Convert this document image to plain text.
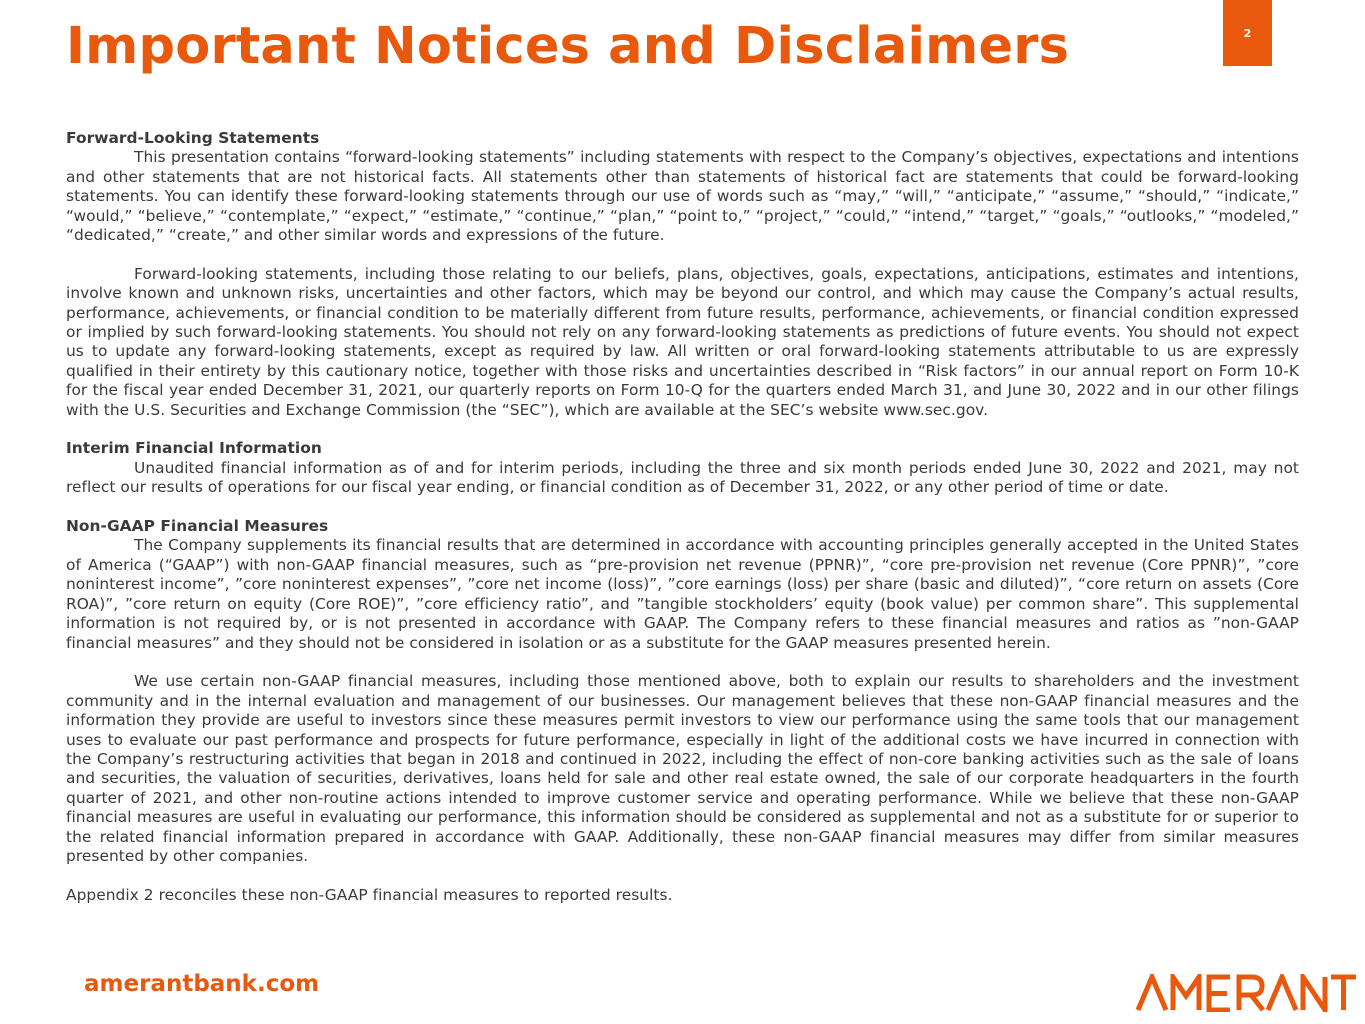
Important Notices and Disclaimers	2
Forward-Looking Statements

This presentation contains “forward-looking statements” including statements with respect to the Company’s objectives, expectations and intentions and other statements that are not historical facts. All statements other than statements of historical fact are statements that could be forward-looking statements. You can identify these forward-looking statements through our use of words such as “may,” “will,” “anticipate,” “assume,” “should,” “indicate,” “would,” “believe,” “contemplate,” “expect,” “estimate,” “continue,” “plan,” “point to,” “project,” “could,” “intend,” “target,” “goals,” “outlooks,” “modeled,” “dedicated,” “create,” and other similar words and expressions of the future.

Forward-looking statements, including those relating to our beliefs, plans, objectives, goals, expectations, anticipations, estimates and intentions, involve known and unknown risks, uncertainties and other factors, which may be beyond our control, and which may cause the Company’s actual results, performance, achievements, or financial condition to be materially different from future results, performance, achievements, or financial condition expressed or implied by such forward-looking statements. You should not rely on any forward-looking statements as predictions of future events. You should not expect us to update any forward-looking statements, except as required by law. All written or oral forward-looking statements attributable to us are expressly qualified in their entirety by this cautionary notice, together with those risks and uncertainties described in “Risk factors” in our annual report on Form 10-K for the fiscal year ended December 31, 2021, our quarterly reports on Form 10-Q for the quarters ended March 31, and June 30, 2022 and in our other filings with the U.S. Securities and Exchange Commission (the “SEC”), which are available at the SEC’s website www.sec.gov.

Interim Financial Information

Unaudited financial information as of and for interim periods, including the three and six month periods ended June 30, 2022 and 2021, may not reflect our results of operations for our fiscal year ending, or financial condition as of December 31, 2022, or any other period of time or date.

Non-GAAP Financial Measures

The Company supplements its financial results that are determined in accordance with accounting principles generally accepted in the United States of America (“GAAP”) with non-GAAP financial measures, such as “pre-provision net revenue (PPNR)”, “core pre-provision net revenue (Core PPNR)”, ”core noninterest income”, ”core noninterest expenses”, ”core net income (loss)”, ”core earnings (loss) per share (basic and diluted)”, “core return on assets (Core ROA)”, ”core return on equity (Core ROE)”, ”core efficiency ratio”, and ”tangible stockholders’ equity (book value) per common share”. This supplemental information is not required by, or is not presented in accordance with GAAP. The Company refers to these financial measures and ratios as ”non-GAAP financial measures” and they should not be considered in isolation or as a substitute for the GAAP measures presented herein.

We use certain non-GAAP financial measures, including those mentioned above, both to explain our results to shareholders and the investment community and in the internal evaluation and management of our businesses. Our management believes that these non-GAAP financial measures and the information they provide are useful to investors since these measures permit investors to view our performance using the same tools that our management uses to evaluate our past performance and prospects for future performance, especially in light of the additional costs we have incurred in connection with the Company’s restructuring activities that began in 2018 and continued in 2022, including the effect of non-core banking activities such as the sale of loans and securities, the valuation of securities, derivatives, loans held for sale and other real estate owned, the sale of our corporate headquarters in the fourth quarter of 2021, and other non-routine actions intended to improve customer service and operating performance. While we believe that these non-GAAP financial measures are useful in evaluating our performance, this information should be considered as supplemental and not as a substitute for or superior to the related financial information prepared in accordance with GAAP. Additionally, these non-GAAP financial measures may differ from similar measures presented by other companies.

Appendix 2 reconciles these non-GAAP financial measures to reported results.

amerantbank.com
